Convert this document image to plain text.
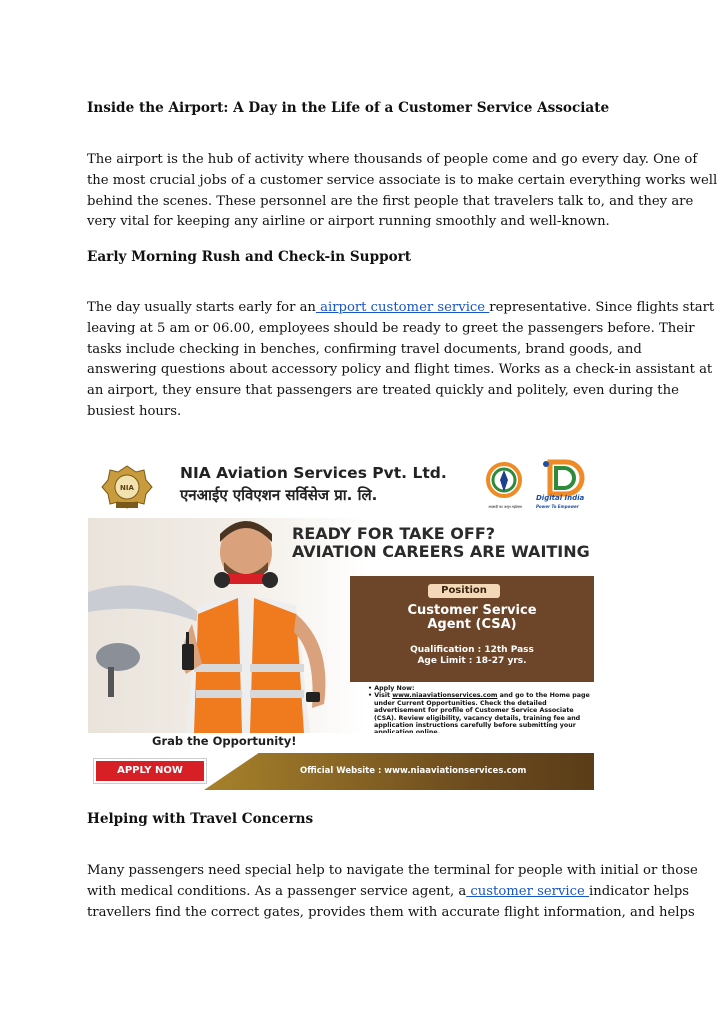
Inside the Airport: A Day in the Life of a Customer Service Associate
The airport is the hub of activity where thousands of people come and go every day. One of
the most crucial jobs of a customer service associate is to make certain everything works well
behind the scenes. These personnel are the first people that travelers talk to, and they are
very vital for keeping any airline or airport running smoothly and well-known.
Early Morning Rush and Check-in Support
The day usually starts early for an airport customer service representative. Since flights start
leaving at 5 am or 06.00, employees should be ready to greet the passengers before. Their
tasks include checking in benches, confirming travel documents, brand goods, and
answering questions about accessory policy and flight times. Works as a check-in assistant at
an airport, they ensure that passengers are treated quickly and politely, even during the
busiest hours.
Helping with Travel Concerns
Many passengers need special help to navigate the terminal for people with initial or those
with medical conditions. As a passenger service agent, a customer service indicator helps
travellers find the correct gates, provides them with accurate flight information, and helps
NIA
NIA Aviation Services Pvt. Ltd.
एनआईए एविएशन सर्विसेज प्रा. लि.
आज़ादी का अमृत महोत्सव
Digital India
Power To Empower
READY FOR TAKE OFF?
AVIATION CAREERS ARE WAITING
Position
Customer Service
Agent (CSA)
Qualification : 12th Pass
Age Limit : 18-27 yrs.
• Apply Now:
• Visit www.niaaviationservices.com and go to the Home page under Current Opportunities. Check the detailed advertisement for profile of Customer Service Associate (CSA). Review eligibility, vacancy details, training fee and application instructions carefully before submitting your
Grab the Opportunity!
APPLY NOW	Official Website : www.niaaviationservices.com
